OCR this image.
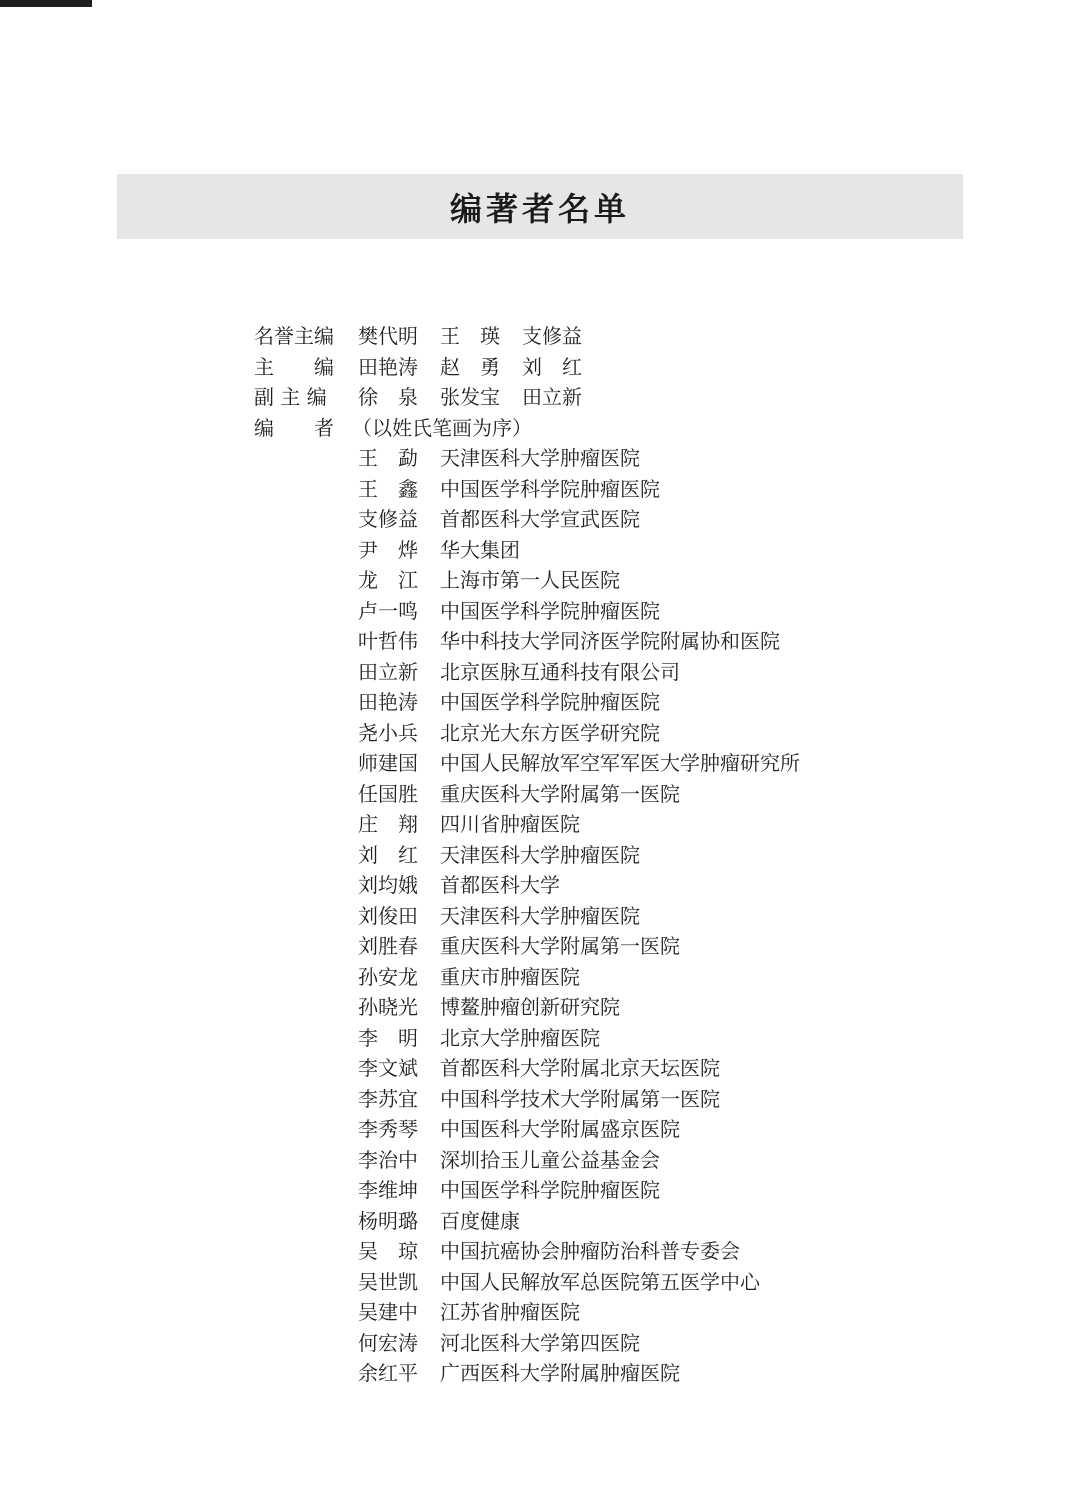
编著者名单
名誉主编	樊代明	王　瑛	支修益
主　　编	田艳涛	赵　勇	刘　红
副 主 编	徐　泉	张发宝	田立新
编　　者 （以姓氏笔画为序）
王　勐	天津医科大学肿瘤医院
王　鑫	中国医学科学院肿瘤医院
支修益	首都医科大学宣武医院
尹　烨	华大集团
龙　江	上海市第一人民医院
卢一鸣	中国医学科学院肿瘤医院
叶哲伟	华中科技大学同济医学院附属协和医院
田立新	北京医脉互通科技有限公司
田艳涛	中国医学科学院肿瘤医院
尧小兵	北京光大东方医学研究院
师建国	中国人民解放军空军军医大学肿瘤研究所
任国胜	重庆医科大学附属第一医院
庄　翔	四川省肿瘤医院
刘　红	天津医科大学肿瘤医院
刘均娥	首都医科大学
刘俊田	天津医科大学肿瘤医院
刘胜春	重庆医科大学附属第一医院
孙安龙	重庆市肿瘤医院
孙晓光	博鳌肿瘤创新研究院
李　明	北京大学肿瘤医院
李文斌	首都医科大学附属北京天坛医院
李苏宜	中国科学技术大学附属第一医院
李秀琴	中国医科大学附属盛京医院
李治中	深圳拾玉儿童公益基金会
李维坤	中国医学科学院肿瘤医院
杨明璐	百度健康
吴　琼	中国抗癌协会肿瘤防治科普专委会
吴世凯	中国人民解放军总医院第五医学中心
吴建中	江苏省肿瘤医院
何宏涛	河北医科大学第四医院
余红平	广西医科大学附属肿瘤医院
